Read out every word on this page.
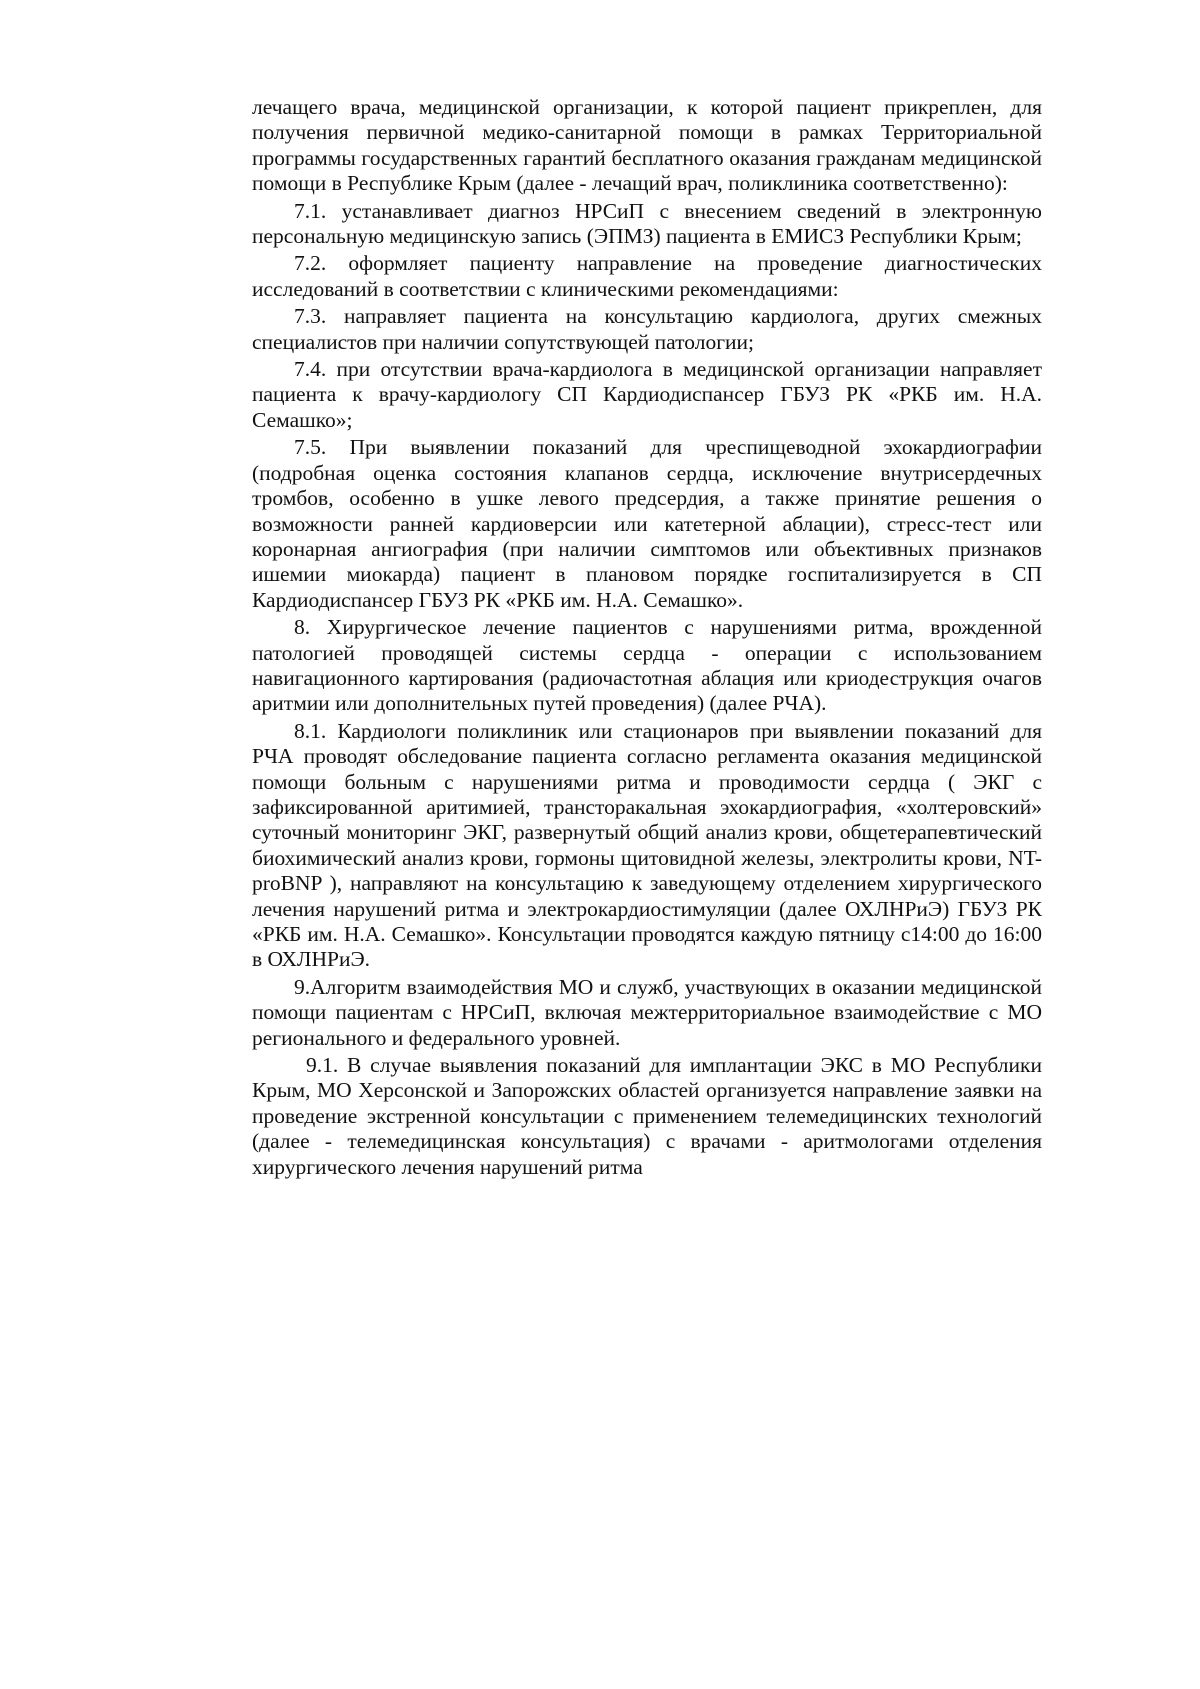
лечащего врача, медицинской организации, к которой пациент прикреплен, для получения первичной медико-санитарной помощи в рамках Территориальной программы государственных гарантий бесплатного оказания гражданам медицинской помощи в Республике Крым (далее - лечащий врач, поликлиника соответственно):

7.1. устанавливает диагноз НРСиП с внесением сведений в электронную персональную медицинскую запись (ЭПМЗ) пациента в ЕМИСЗ Республики Крым;

7.2. оформляет пациенту направление на проведение диагностических исследований в соответствии с клиническими рекомендациями:

7.3. направляет пациента на консультацию кардиолога, других смежных специалистов при наличии сопутствующей патологии;

7.4. при отсутствии врача-кардиолога в медицинской организации направляет пациента к врачу-кардиологу СП Кардиодиспансер ГБУЗ РК «РКБ им. Н.А. Семашко»;

7.5. При выявлении показаний для чреспищеводной эхокардиографии (подробная оценка состояния клапанов сердца, исключение внутрисердечных тромбов, особенно в ушке левого предсердия, а также принятие решения о возможности ранней кардиоверсии или катетерной аблации), стресс-тест или коронарная ангиография (при наличии симптомов или объективных признаков ишемии миокарда) пациент в плановом порядке госпитализируется в СП Кардиодиспансер ГБУЗ РК «РКБ им. Н.А. Семашко».

8. Хирургическое лечение пациентов с нарушениями ритма, врожденной патологией проводящей системы сердца - операции с использованием навигационного картирования (радиочастотная аблация или криодеструкция очагов аритмии или дополнительных путей проведения) (далее РЧА).

8.1. Кардиологи поликлиник или стационаров при выявлении показаний для РЧА проводят обследование пациента согласно регламента оказания медицинской помощи больным с нарушениями ритма и проводимости сердца ( ЭКГ с зафиксированной аритимией, трансторакальная эхокардиография, «холтеровский» суточный мониторинг ЭКГ, развернутый общий анализ крови, общетерапевтический биохимический анализ крови, гормоны щитовидной железы, электролиты крови, NT-proBNP ), направляют на консультацию к заведующему отделением хирургического лечения нарушений ритма и электрокардиостимуляции (далее ОХЛНРиЭ) ГБУЗ РК «РКБ им. Н.А. Семашко». Консультации проводятся каждую пятницу с14:00 до 16:00 в ОХЛНРиЭ.

9.Алгоритм взаимодействия МО и служб, участвующих в оказании медицинской помощи пациентам с НРСиП, включая межтерриториальное взаимодействие с МО регионального и федерального уровней.

9.1. В случае выявления показаний для имплантации ЭКС в МО Республики Крым, МО Херсонской и Запорожских областей организуется направление заявки на проведение экстренной консультации с применением телемедицинских технологий (далее - телемедицинская консультация) с врачами - аритмологами отделения хирургического лечения нарушений ритма
